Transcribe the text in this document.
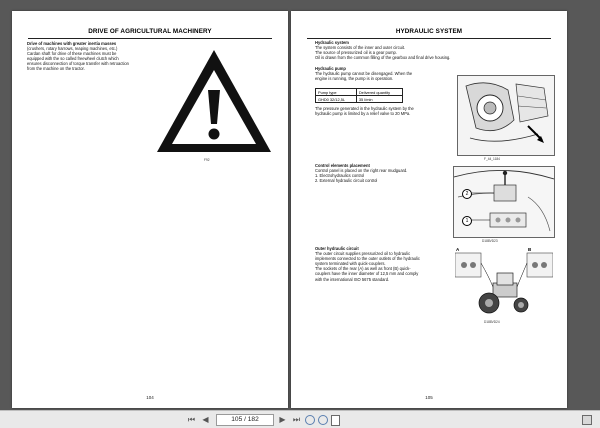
DRIVE OF AGRICULTURAL MACHINERY
Drive of machines with greater inertia masses
(crushers, rotary harrows, reaping machines, etc.)
Cardan shaft for drive of these machines must be
equipped with the so called freewheel clutch which
ensures disconnection of torque transfer with retroaction
from the machine on the tractor.
F92
104
HYDRAULIC SYSTEM
Hydraulic system
The system consists of the inner and outer circuit.
The source of pressurized oil is a gear pump.
Oil is drawn from the common filling of the gearbox and final drive housing.
Hydraulic pump
The hydraulic pump cannot be disengaged. When the
engine is running, the pump is in operation.
Pump type	Delivered quantity
GHD0 32/12,5L	35 l/min
The pressure generated in the hydraulic system by the
hydraulic pump is limited by a relief valve to 20 MPa.
F_44_1184
Control elements placement
Control panel is placed on the right rear mudguard.
1. Electrohydraulics control
2. External hydraulic circuit control
1
2
D188VD23
Outer hydraulic circuit
The outer circuit supplies pressurized oil to hydraulic
implements connected to the outer outlets of the hydraulic
system terminated with quick-couplers.
The sockets of the rear (A) as well as front (B) quick-
couplers have the inner diameter of 12,5 mm and comply
with the international ISO 5675 standard.
A	B
D188VD24
105
⏮ ◀	105 / 182	▶ ⏭
